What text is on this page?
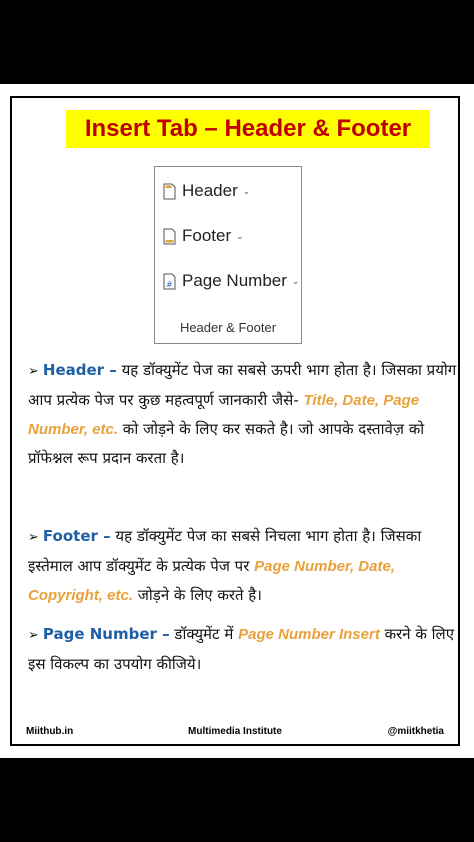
Insert Tab – Header & Footer
Header ⌄
Footer ⌄
# Page Number ⌄
Header & Footer
➢ Header – यह डॉक्युमेंट पेज का सबसे ऊपरी भाग होता है। जिसका प्रयोग आप प्रत्येक पेज पर कुछ महत्वपूर्ण जानकारी जैसे- Title, Date, Page Number, etc. को जोड़ने के लिए कर सकते है। जो आपके दस्तावेज़ को प्रॉफेश्नल रूप प्रदान करता है।
➢ Footer – यह डॉक्युमेंट पेज का सबसे निचला भाग होता है। जिसका इस्तेमाल आप डॉक्युमेंट के प्रत्येक पेज पर Page Number, Date, Copyright, etc. जोड़ने के लिए करते है।
➢ Page Number – डॉक्युमेंट में Page Number Insert करने के लिए इस विकल्प का उपयोग कीजिये।
Miithub.in	Multimedia Institute	@miitkhetia
